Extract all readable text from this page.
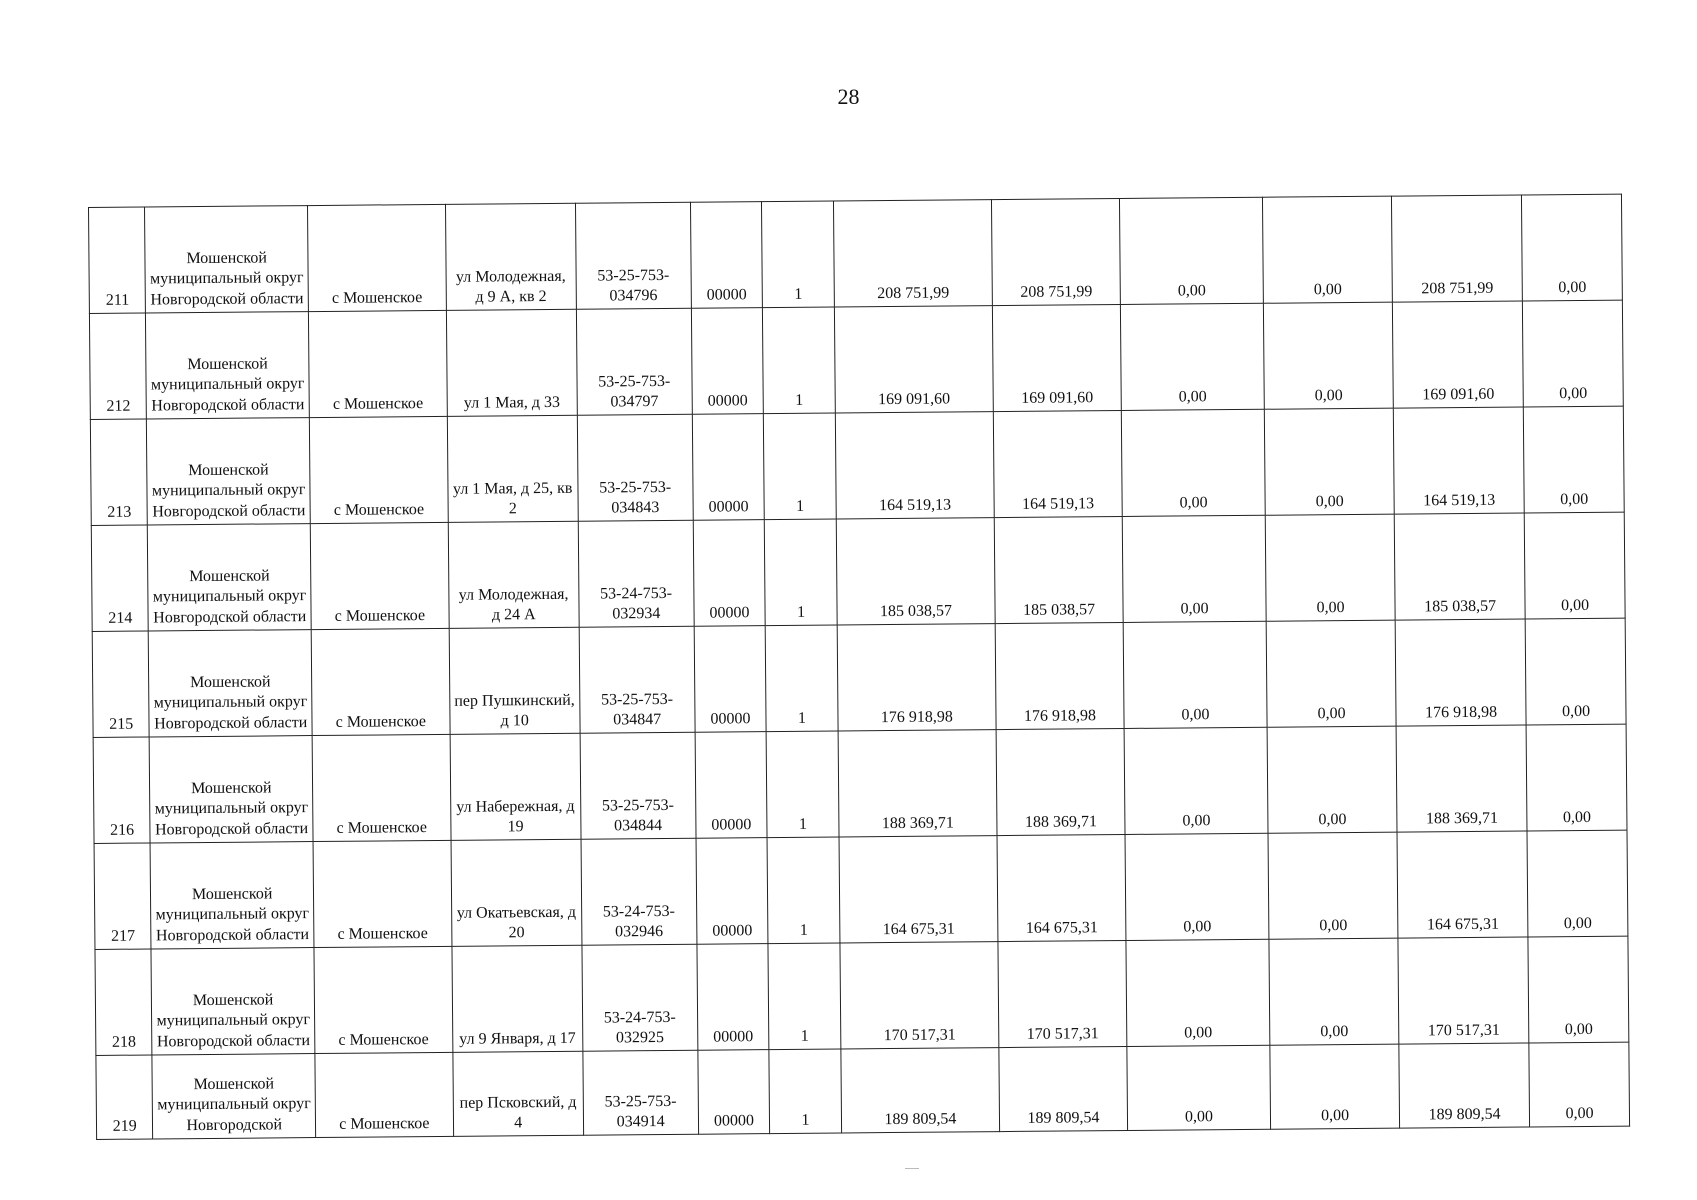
28
211	Мошенской муниципальный округ Новгородской области	с Мошенское	ул Молодежная, д 9 А, кв 2	53-25-753-034796	00000	1	208 751,99	208 751,99	0,00	0,00	208 751,99	0,00
212	Мошенской муниципальный округ Новгородской области	с Мошенское	ул 1 Мая, д 33	53-25-753-034797	00000	1	169 091,60	169 091,60	0,00	0,00	169 091,60	0,00
213	Мошенской муниципальный округ Новгородской области	с Мошенское	ул 1 Мая, д 25, кв 2	53-25-753-034843	00000	1	164 519,13	164 519,13	0,00	0,00	164 519,13	0,00
214	Мошенской муниципальный округ Новгородской области	с Мошенское	ул Молодежная, д 24 А	53-24-753-032934	00000	1	185 038,57	185 038,57	0,00	0,00	185 038,57	0,00
215	Мошенской муниципальный округ Новгородской области	с Мошенское	пер Пушкинский, д 10	53-25-753-034847	00000	1	176 918,98	176 918,98	0,00	0,00	176 918,98	0,00
216	Мошенской муниципальный округ Новгородской области	с Мошенское	ул Набережная, д 19	53-25-753-034844	00000	1	188 369,71	188 369,71	0,00	0,00	188 369,71	0,00
217	Мошенской муниципальный округ Новгородской области	с Мошенское	ул Окатьевская, д 20	53-24-753-032946	00000	1	164 675,31	164 675,31	0,00	0,00	164 675,31	0,00
218	Мошенской муниципальный округ Новгородской области	с Мошенское	ул 9 Января, д 17	53-24-753-032925	00000	1	170 517,31	170 517,31	0,00	0,00	170 517,31	0,00
219	Мошенской муниципальный округ Новгородской	с Мошенское	пер Псковский, д 4	53-25-753-034914	00000	1	189 809,54	189 809,54	0,00	0,00	189 809,54	0,00
